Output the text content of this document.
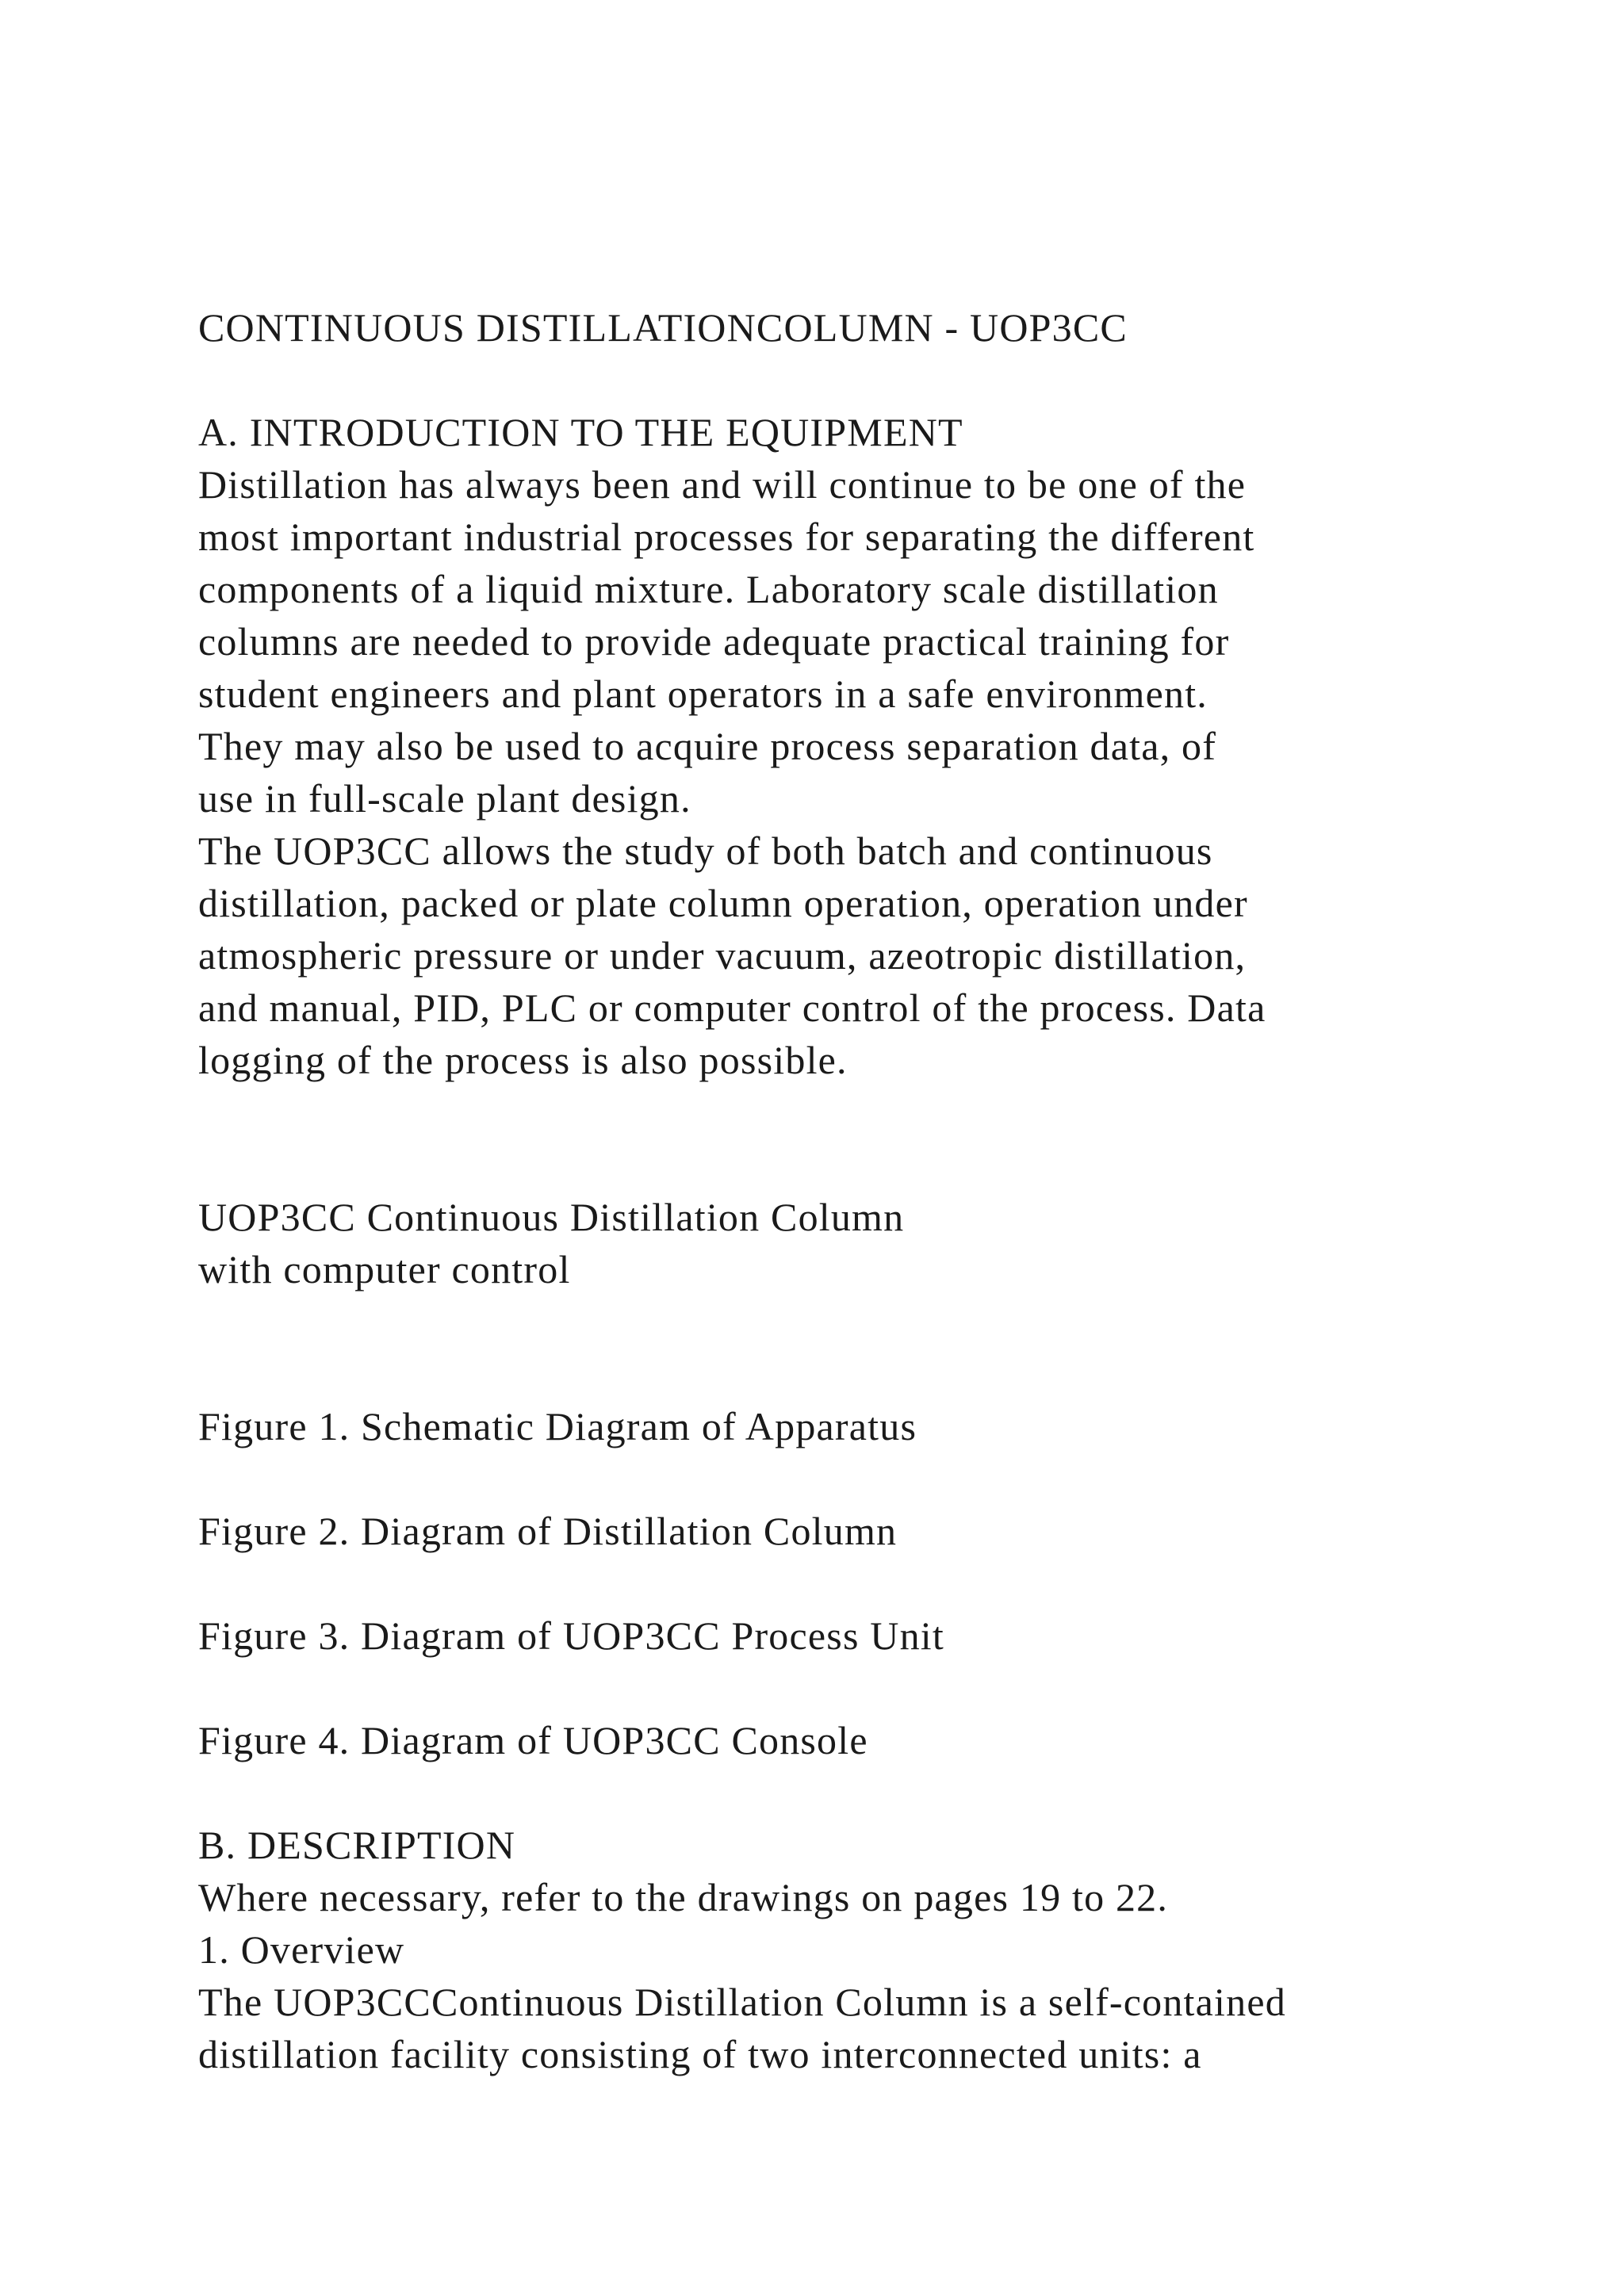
CONTINUOUS DISTILLATIONCOLUMN - UOP3CC

A. INTRODUCTION TO THE EQUIPMENT

Distillation has always been and will continue to be one of the

most important industrial processes for separating the different

components of a liquid mixture. Laboratory scale distillation

columns are needed to provide adequate practical training for

student engineers and plant operators in a safe environment.

They may also be used to acquire process separation data, of

use in full-scale plant design.

The UOP3CC allows the study of both batch and continuous

distillation, packed or plate column operation, operation under

atmospheric pressure or under vacuum, azeotropic distillation,

and manual, PID, PLC or computer control of the process. Data

logging of the process is also possible.

UOP3CC Continuous Distillation Column

with computer control

Figure 1. Schematic Diagram of Apparatus

Figure 2. Diagram of Distillation Column

Figure 3. Diagram of UOP3CC Process Unit

Figure 4. Diagram of UOP3CC Console

B. DESCRIPTION

Where necessary, refer to the drawings on pages 19 to 22.

1. Overview

The UOP3CCContinuous Distillation Column is a self-contained

distillation facility consisting of two interconnected units: a
